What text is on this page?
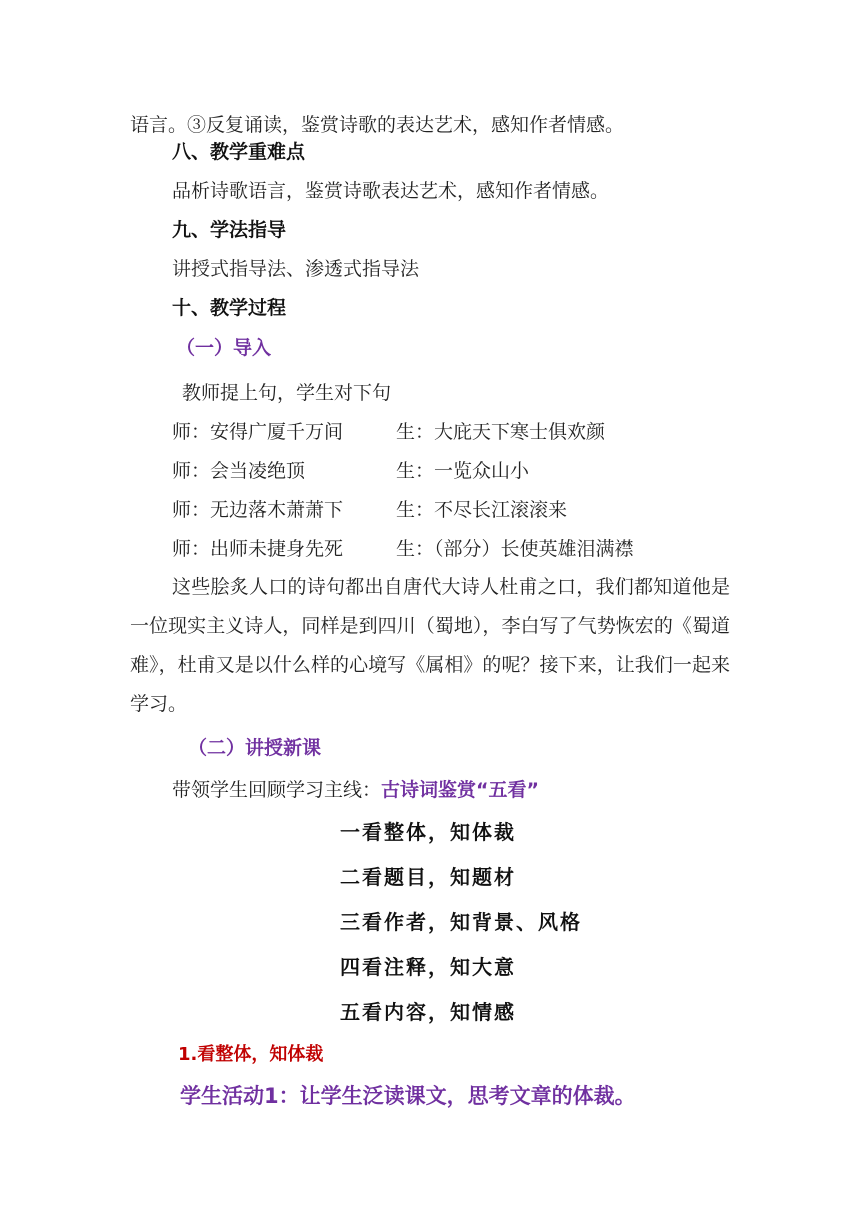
语言。③反复诵读，鉴赏诗歌的表达艺术，感知作者情感。
八、教学重难点
品析诗歌语言，鉴赏诗歌表达艺术，感知作者情感。
九、学法指导
讲授式指导法、渗透式指导法
十、教学过程
（一）导入
教师提上句，学生对下句
师：安得广厦千万间	生：大庇天下寒士俱欢颜
师：会当凌绝顶	生：一览众山小
师：无边落木萧萧下	生：不尽长江滚滚来
师：出师未捷身先死	生：（部分）长使英雄泪满襟
这些脍炙人口的诗句都出自唐代大诗人杜甫之口，我们都知道他是一位现实主义诗人，同样是到四川（蜀地），李白写了气势恢宏的《蜀道难》，杜甫又是以什么样的心境写《属相》的呢？接下来，让我们一起来学习。
（二）讲授新课
带领学生回顾学习主线：古诗词鉴赏“五看”
一看整体，知体裁
二看题目，知题材
三看作者，知背景、风格
四看注释，知大意
五看内容，知情感
1.看整体，知体裁
学生活动1：让学生泛读课文，思考文章的体裁。
